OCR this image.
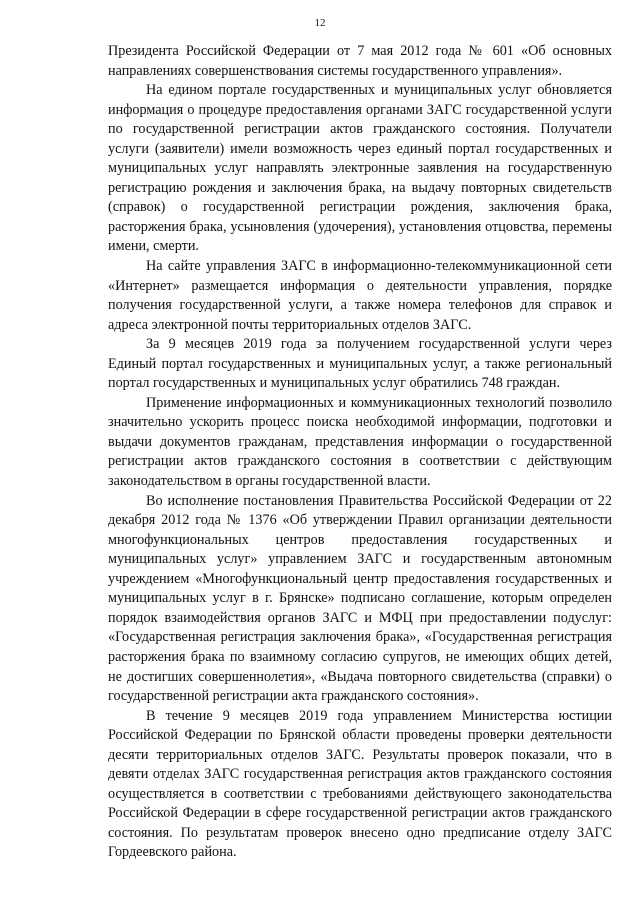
12

Президента Российской Федерации от 7 мая 2012 года № 601 «Об основных направлениях совершенствования системы государственного управления».

На едином портале государственных и муниципальных услуг обновляется информация о процедуре предоставления органами ЗАГС государственной услуги по государственной регистрации актов гражданского состояния. Получатели услуги (заявители) имели возможность через единый портал государственных и муниципальных услуг направлять электронные заявления на государственную регистрацию рождения и заключения брака, на выдачу повторных свидетельств (справок) о государственной регистрации рождения, заключения брака, расторжения брака, усыновления (удочерения), установления отцовства, перемены имени, смерти.

На сайте управления ЗАГС в информационно-телекоммуникационной сети «Интернет» размещается информация о деятельности управления, порядке получения государственной услуги, а также номера телефонов для справок и адреса электронной почты территориальных отделов ЗАГС.

За 9 месяцев 2019 года за получением государственной услуги через Единый портал государственных и муниципальных услуг, а также региональный портал государственных и муниципальных услуг обратились 748 граждан.

Применение информационных и коммуникационных технологий позволило значительно ускорить процесс поиска необходимой информации, подготовки и выдачи документов гражданам, представления информации о государственной регистрации актов гражданского состояния в соответствии с действующим законодательством в органы государственной власти.

Во исполнение постановления Правительства Российской Федерации от 22 декабря 2012 года № 1376 «Об утверждении Правил организации деятельности многофункциональных центров предоставления государственных и муниципальных услуг» управлением ЗАГС и государственным автономным учреждением «Многофункциональный центр предоставления государственных и муниципальных услуг в г. Брянске» подписано соглашение, которым определен порядок взаимодействия органов ЗАГС и МФЦ при предоставлении подуслуг: «Государственная регистрация заключения брака», «Государственная регистрация расторжения брака по взаимному согласию супругов, не имеющих общих детей, не достигших совершеннолетия», «Выдача повторного свидетельства (справки) о государственной регистрации акта гражданского состояния».

В течение 9 месяцев 2019 года управлением Министерства юстиции Российской Федерации по Брянской области проведены проверки деятельности десяти территориальных отделов ЗАГС. Результаты проверок показали, что в девяти отделах ЗАГС государственная регистрация актов гражданского состояния осуществляется в соответствии с требованиями действующего законодательства Российской Федерации в сфере государственной регистрации актов гражданского состояния. По результатам проверок внесено одно предписание отделу ЗАГС Гордеевского района.
